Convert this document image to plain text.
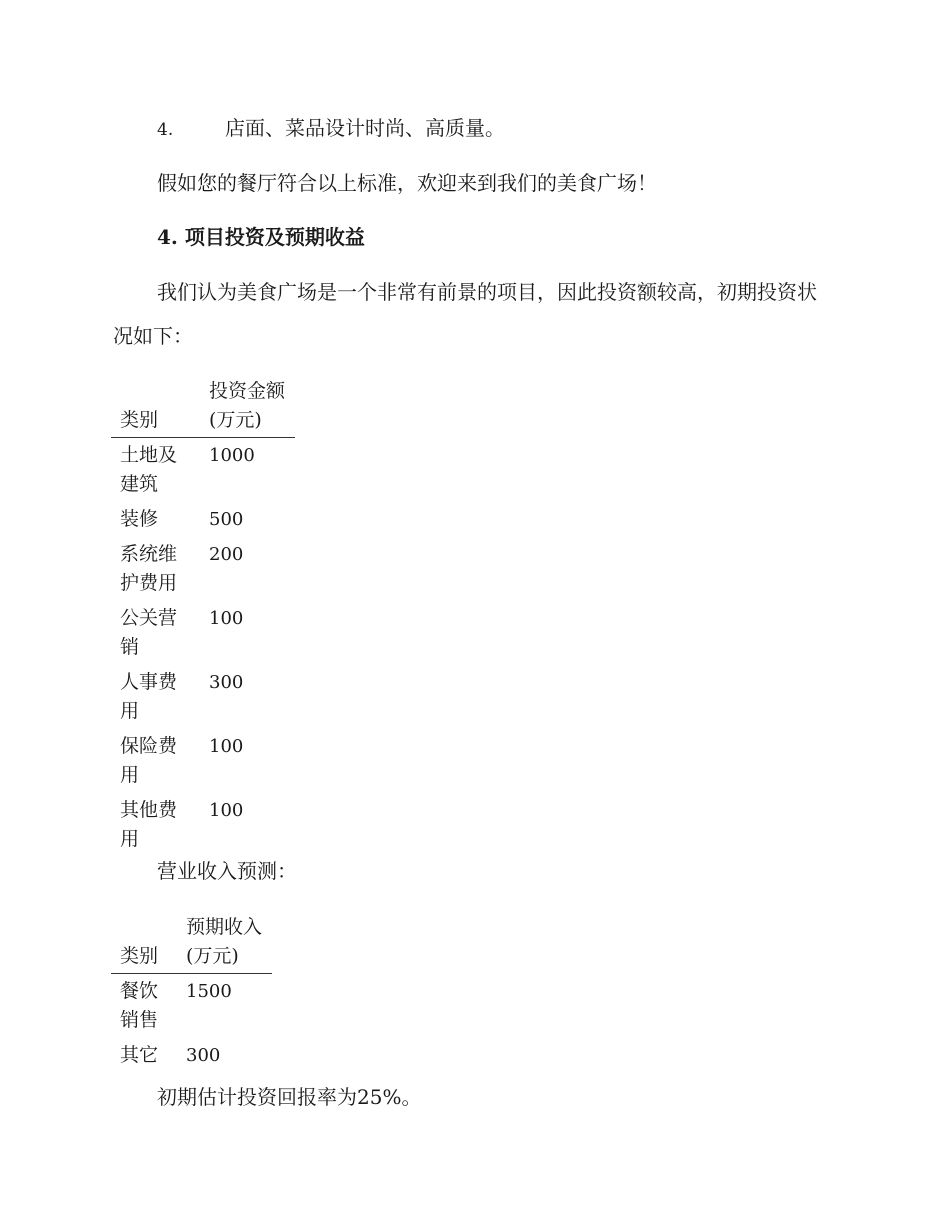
4.	店面、菜品设计时尚、高质量。

假如您的餐厅符合以上标准，欢迎来到我们的美食广场！

4. 项目投资及预期收益

我们认为美食广场是一个非常有前景的项目，因此投资额较高，初期投资状况如下：

类别	投资金额(万元)
土地及建筑	1000
装修	500
系统维护费用	200
公关营销	100
人事费用	300
保险费用	100
其他费用	100
营业收入预测：
类别	预期收入(万元)
餐饮销售	1500
其它	300
初期估计投资回报率为25%。
